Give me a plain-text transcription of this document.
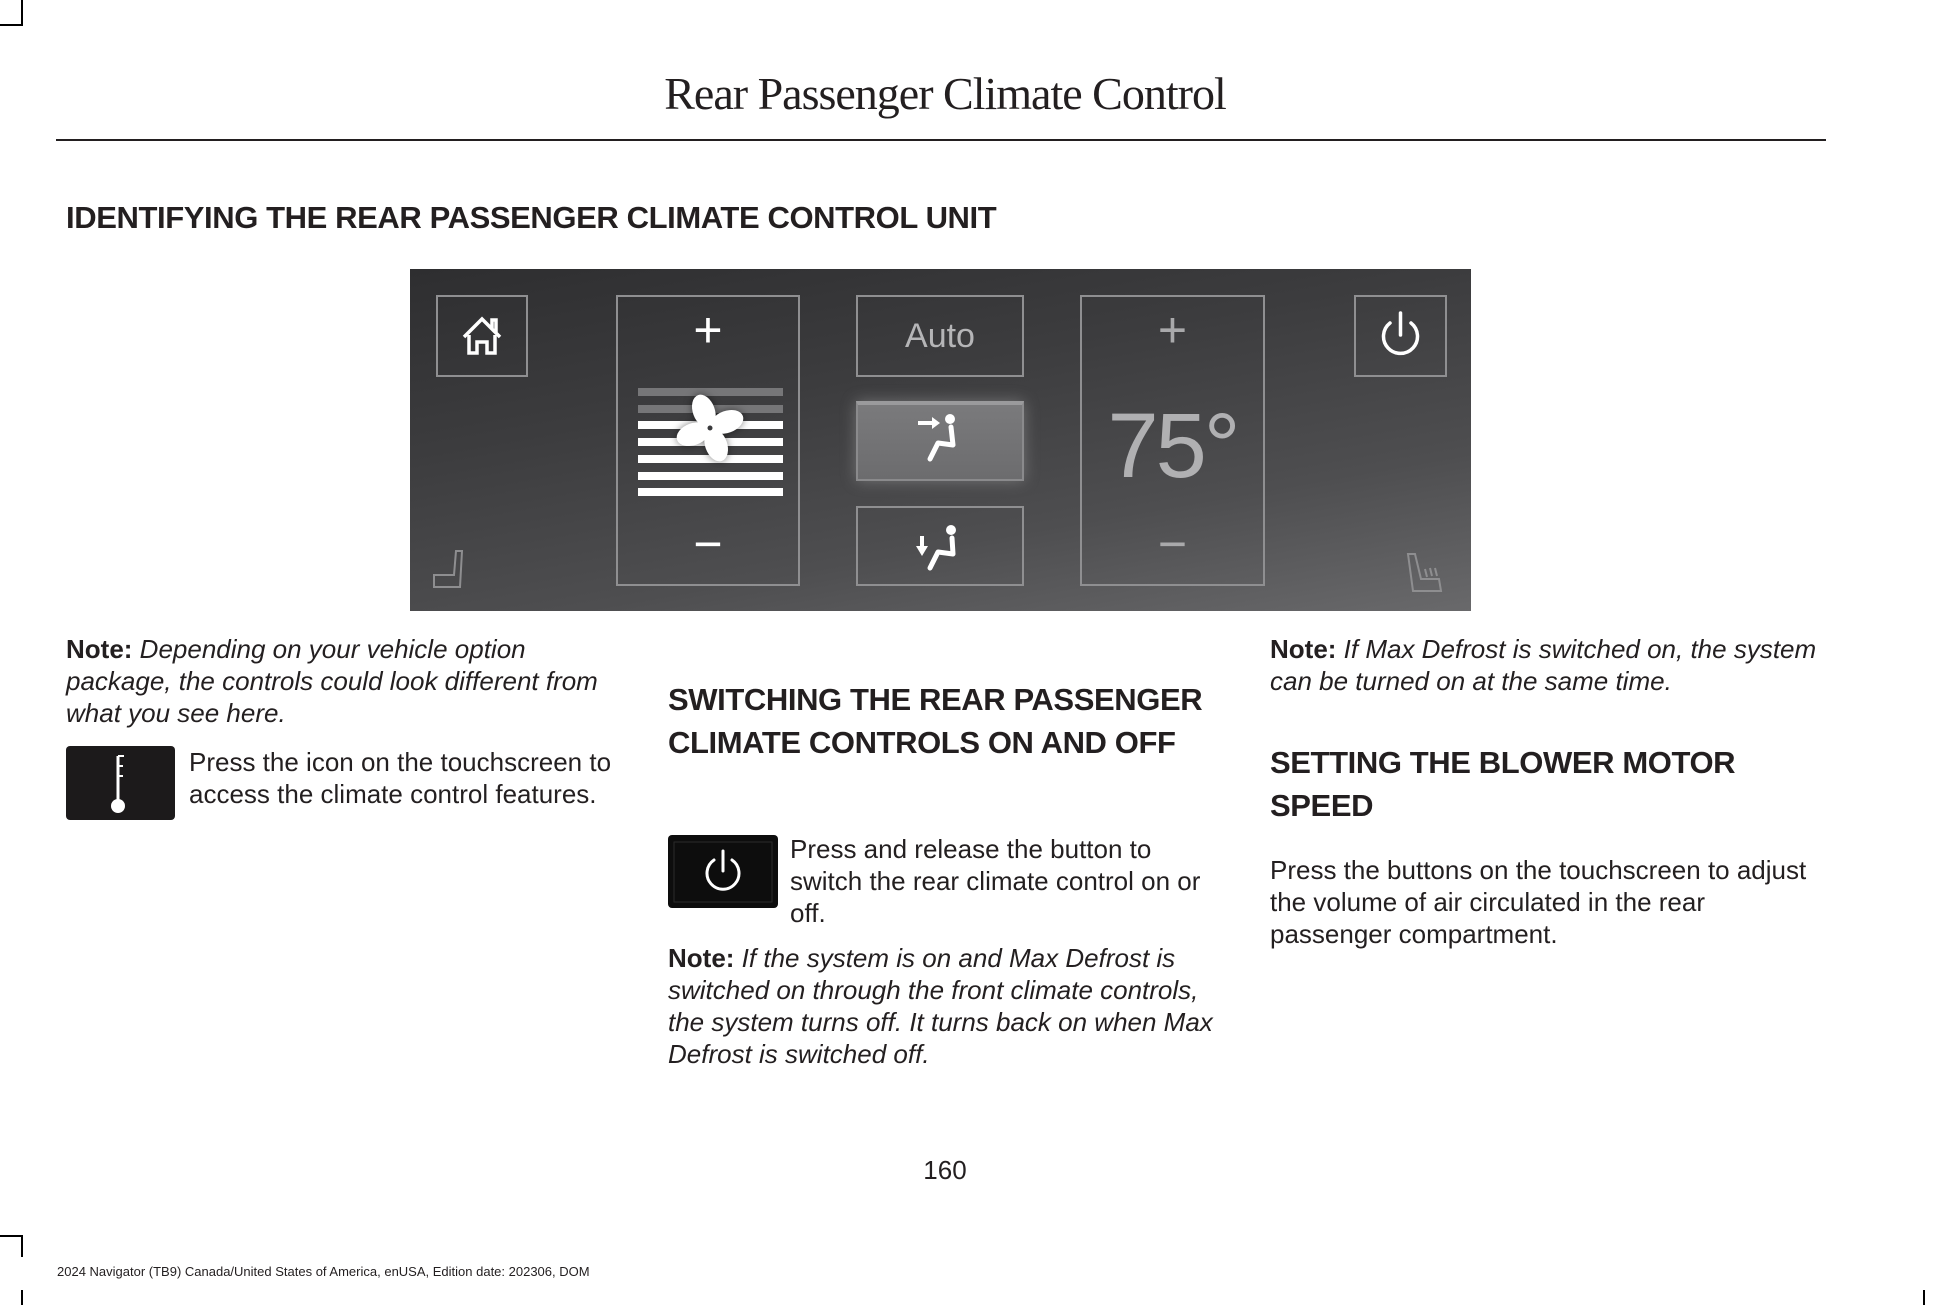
Rear Passenger Climate Control
IDENTIFYING THE REAR PASSENGER CLIMATE CONTROL UNIT
+
−
Auto	+
75°
−

Note: Depending on your vehicle option package, the controls could look different from what you see here.

Press the icon on the touchscreen to access the climate control features.
SWITCHING THE REAR PASSENGER CLIMATE CONTROLS ON AND OFF
Press and release the button to switch the rear climate control on or off.

Note: If the system is on and Max Defrost is switched on through the front climate controls, the system turns off. It turns back on when Max Defrost is switched off.

Note: If Max Defrost is switched on, the system can be turned on at the same time.

SETTING THE BLOWER MOTOR SPEED
Press the buttons on the touchscreen to adjust the volume of air circulated in the rear passenger compartment.
160
2024 Navigator (TB9) Canada/United States of America, enUSA, Edition date: 202306, DOM
